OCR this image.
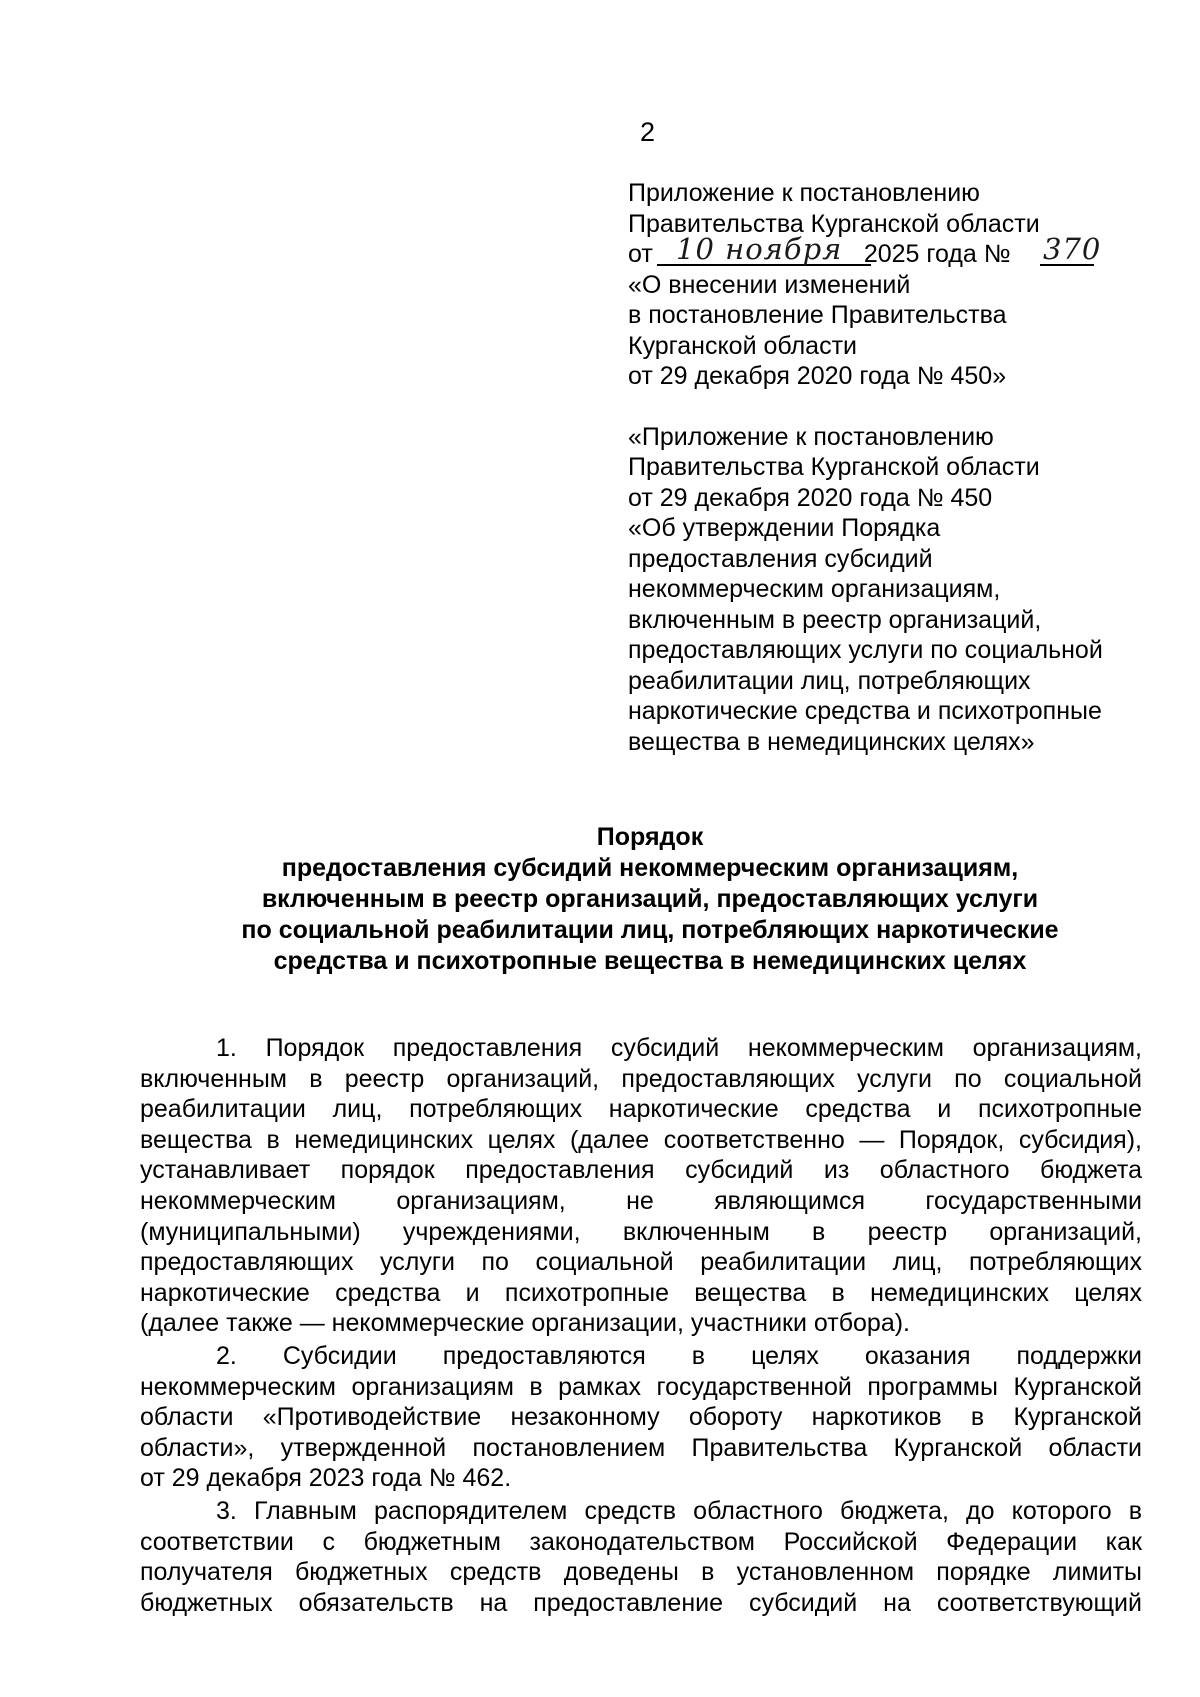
2
Приложение к постановлению
Правительства Курганской области
от	2025 года №
«О внесении изменений
в постановление Правительства
Курганской области
от 29 декабря 2020 года № 450»
«Приложение к постановлению
Правительства Курганской области
от 29 декабря 2020 года № 450
«Об утверждении Порядка
предоставления субсидий
некоммерческим организациям,
включенным в реестр организаций,
предоставляющих услуги по социальной
реабилитации лиц, потребляющих
наркотические средства и психотропные
вещества в немедицинских целях»
10 ноября	370
Порядок
предоставления субсидий некоммерческим организациям,
включенным в реестр организаций, предоставляющих услуги
по социальной реабилитации лиц, потребляющих наркотические
средства и психотропные вещества в немедицинских целях
1. Порядок предоставления субсидий некоммерческим организациям,
включенным в реестр организаций, предоставляющих услуги по социальной
реабилитации лиц, потребляющих наркотические средства и психотропные
вещества в немедицинских целях (далее соответственно — Порядок, субсидия),
устанавливает порядок предоставления субсидий из областного бюджета
некоммерческим организациям, не являющимся государственными
(муниципальными) учреждениями, включенным в реестр организаций,
предоставляющих услуги по социальной реабилитации лиц, потребляющих
наркотические средства и психотропные вещества в немедицинских целях
(далее также — некоммерческие организации, участники отбора).
2. Субсидии предоставляются в целях оказания поддержки
некоммерческим организациям в рамках государственной программы Курганской
области «Противодействие незаконному обороту наркотиков в Курганской
области», утвержденной постановлением Правительства Курганской области
от 29 декабря 2023 года № 462.
3. Главным распорядителем средств областного бюджета, до которого в
соответствии с бюджетным законодательством Российской Федерации как
получателя бюджетных средств доведены в установленном порядке лимиты
бюджетных обязательств на предоставление субсидий на соответствующий
